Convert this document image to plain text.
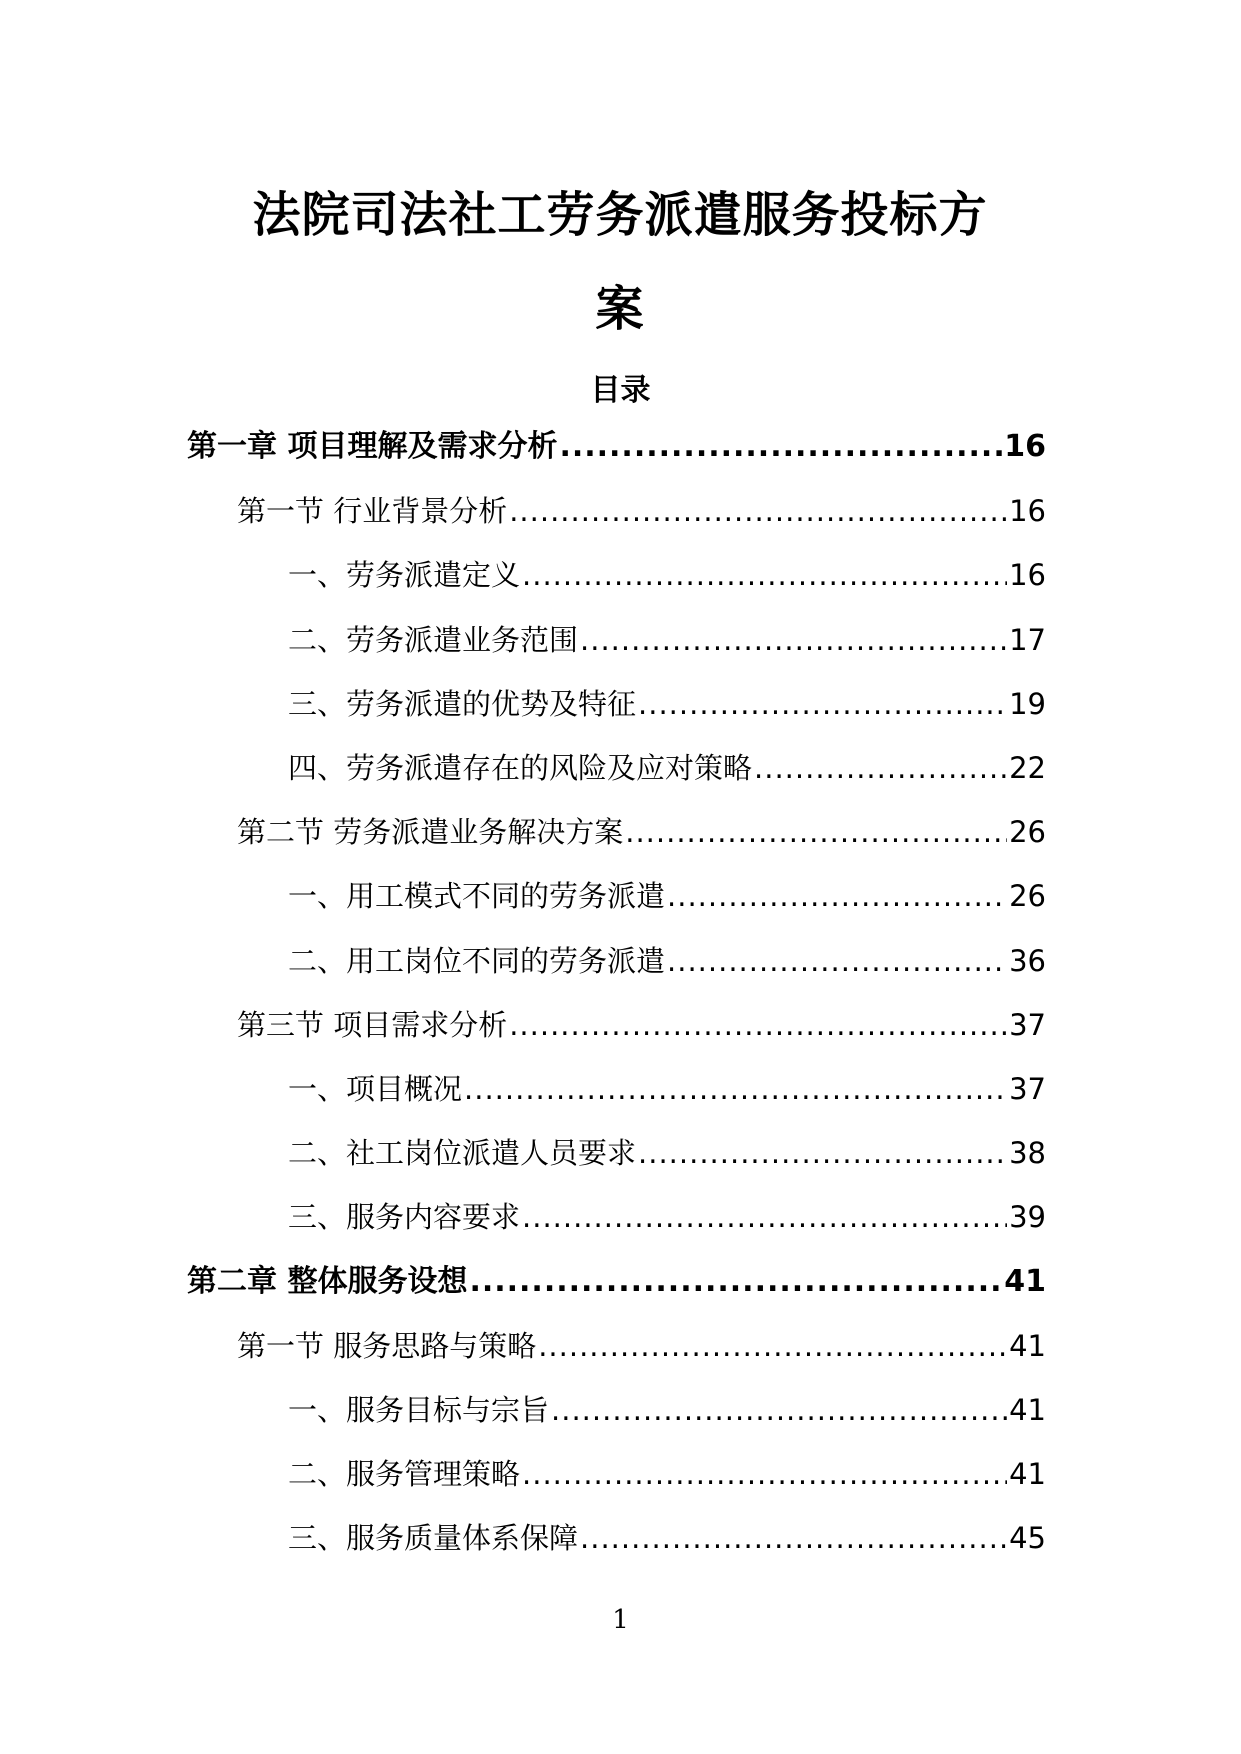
法院司法社工劳务派遣服务投标方
案
目录
第一章 项目理解及需求分析 .....	16
第一节 行业背景分析 .....	16
一、劳务派遣定义 .....	16
二、劳务派遣业务范围 .....	17
三、劳务派遣的优势及特征 .....	19
四、劳务派遣存在的风险及应对策略 .....	22
第二节 劳务派遣业务解决方案 .....	26
一、用工模式不同的劳务派遣 .....	26
二、用工岗位不同的劳务派遣 .....	36
第三节 项目需求分析 .....	37
一、项目概况 .....	37
二、社工岗位派遣人员要求 .....	38
三、服务内容要求 .....	39
第二章 整体服务设想 .....	41
第一节 服务思路与策略 .....	41
一、服务目标与宗旨 .....	41
二、服务管理策略 .....	41
三、服务质量体系保障 .....	45
1
